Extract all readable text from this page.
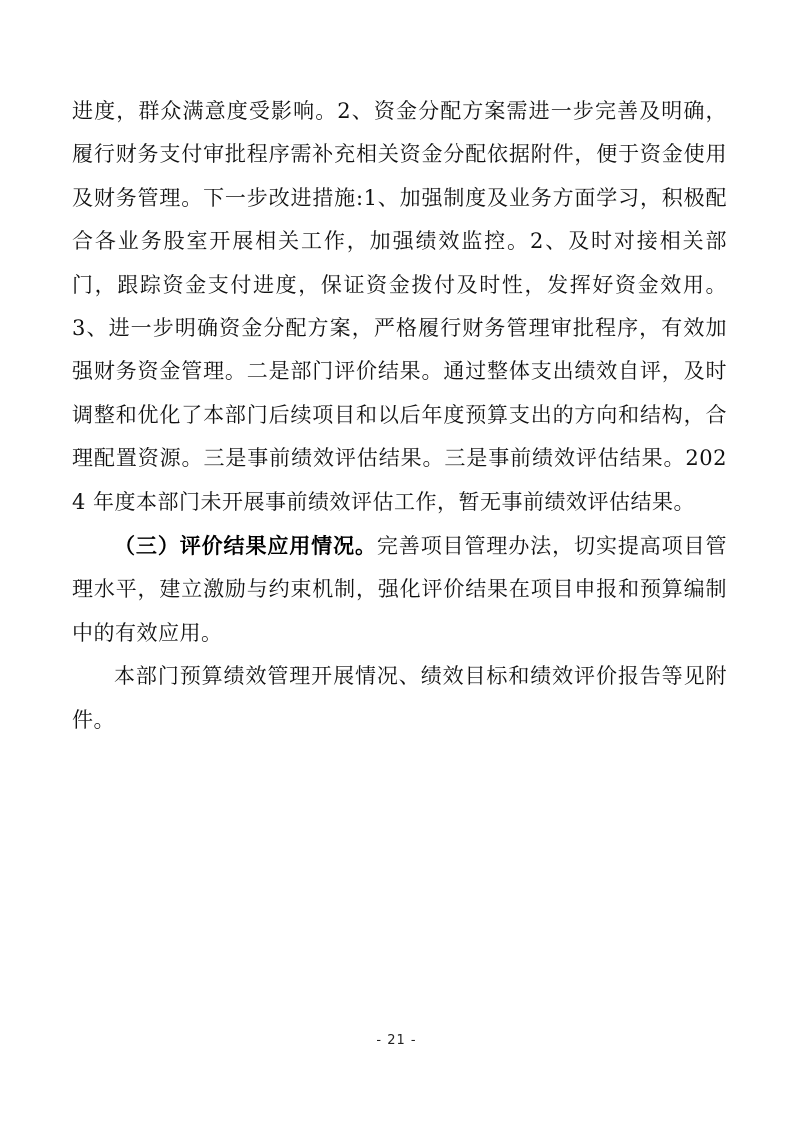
进度，群众满意度受影响。2、资金分配方案需进一步完善及明确，履行财务支付审批程序需补充相关资金分配依据附件，便于资金使用及财务管理。下一步改进措施:1、加强制度及业务方面学习，积极配合各业务股室开展相关工作，加强绩效监控。2、及时对接相关部门，跟踪资金支付进度，保证资金拨付及时性，发挥好资金效用。3、进一步明确资金分配方案，严格履行财务管理审批程序，有效加强财务资金管理。二是部门评价结果。通过整体支出绩效自评，及时调整和优化了本部门后续项目和以后年度预算支出的方向和结构，合理配置资源。三是事前绩效评估结果。三是事前绩效评估结果。2024 年度本部门未开展事前绩效评估工作，暂无事前绩效评估结果。

（三）评价结果应用情况。完善项目管理办法，切实提高项目管理水平，建立激励与约束机制，强化评价结果在项目申报和预算编制中的有效应用。

本部门预算绩效管理开展情况、绩效目标和绩效评价报告等见附件。

- 21 -
